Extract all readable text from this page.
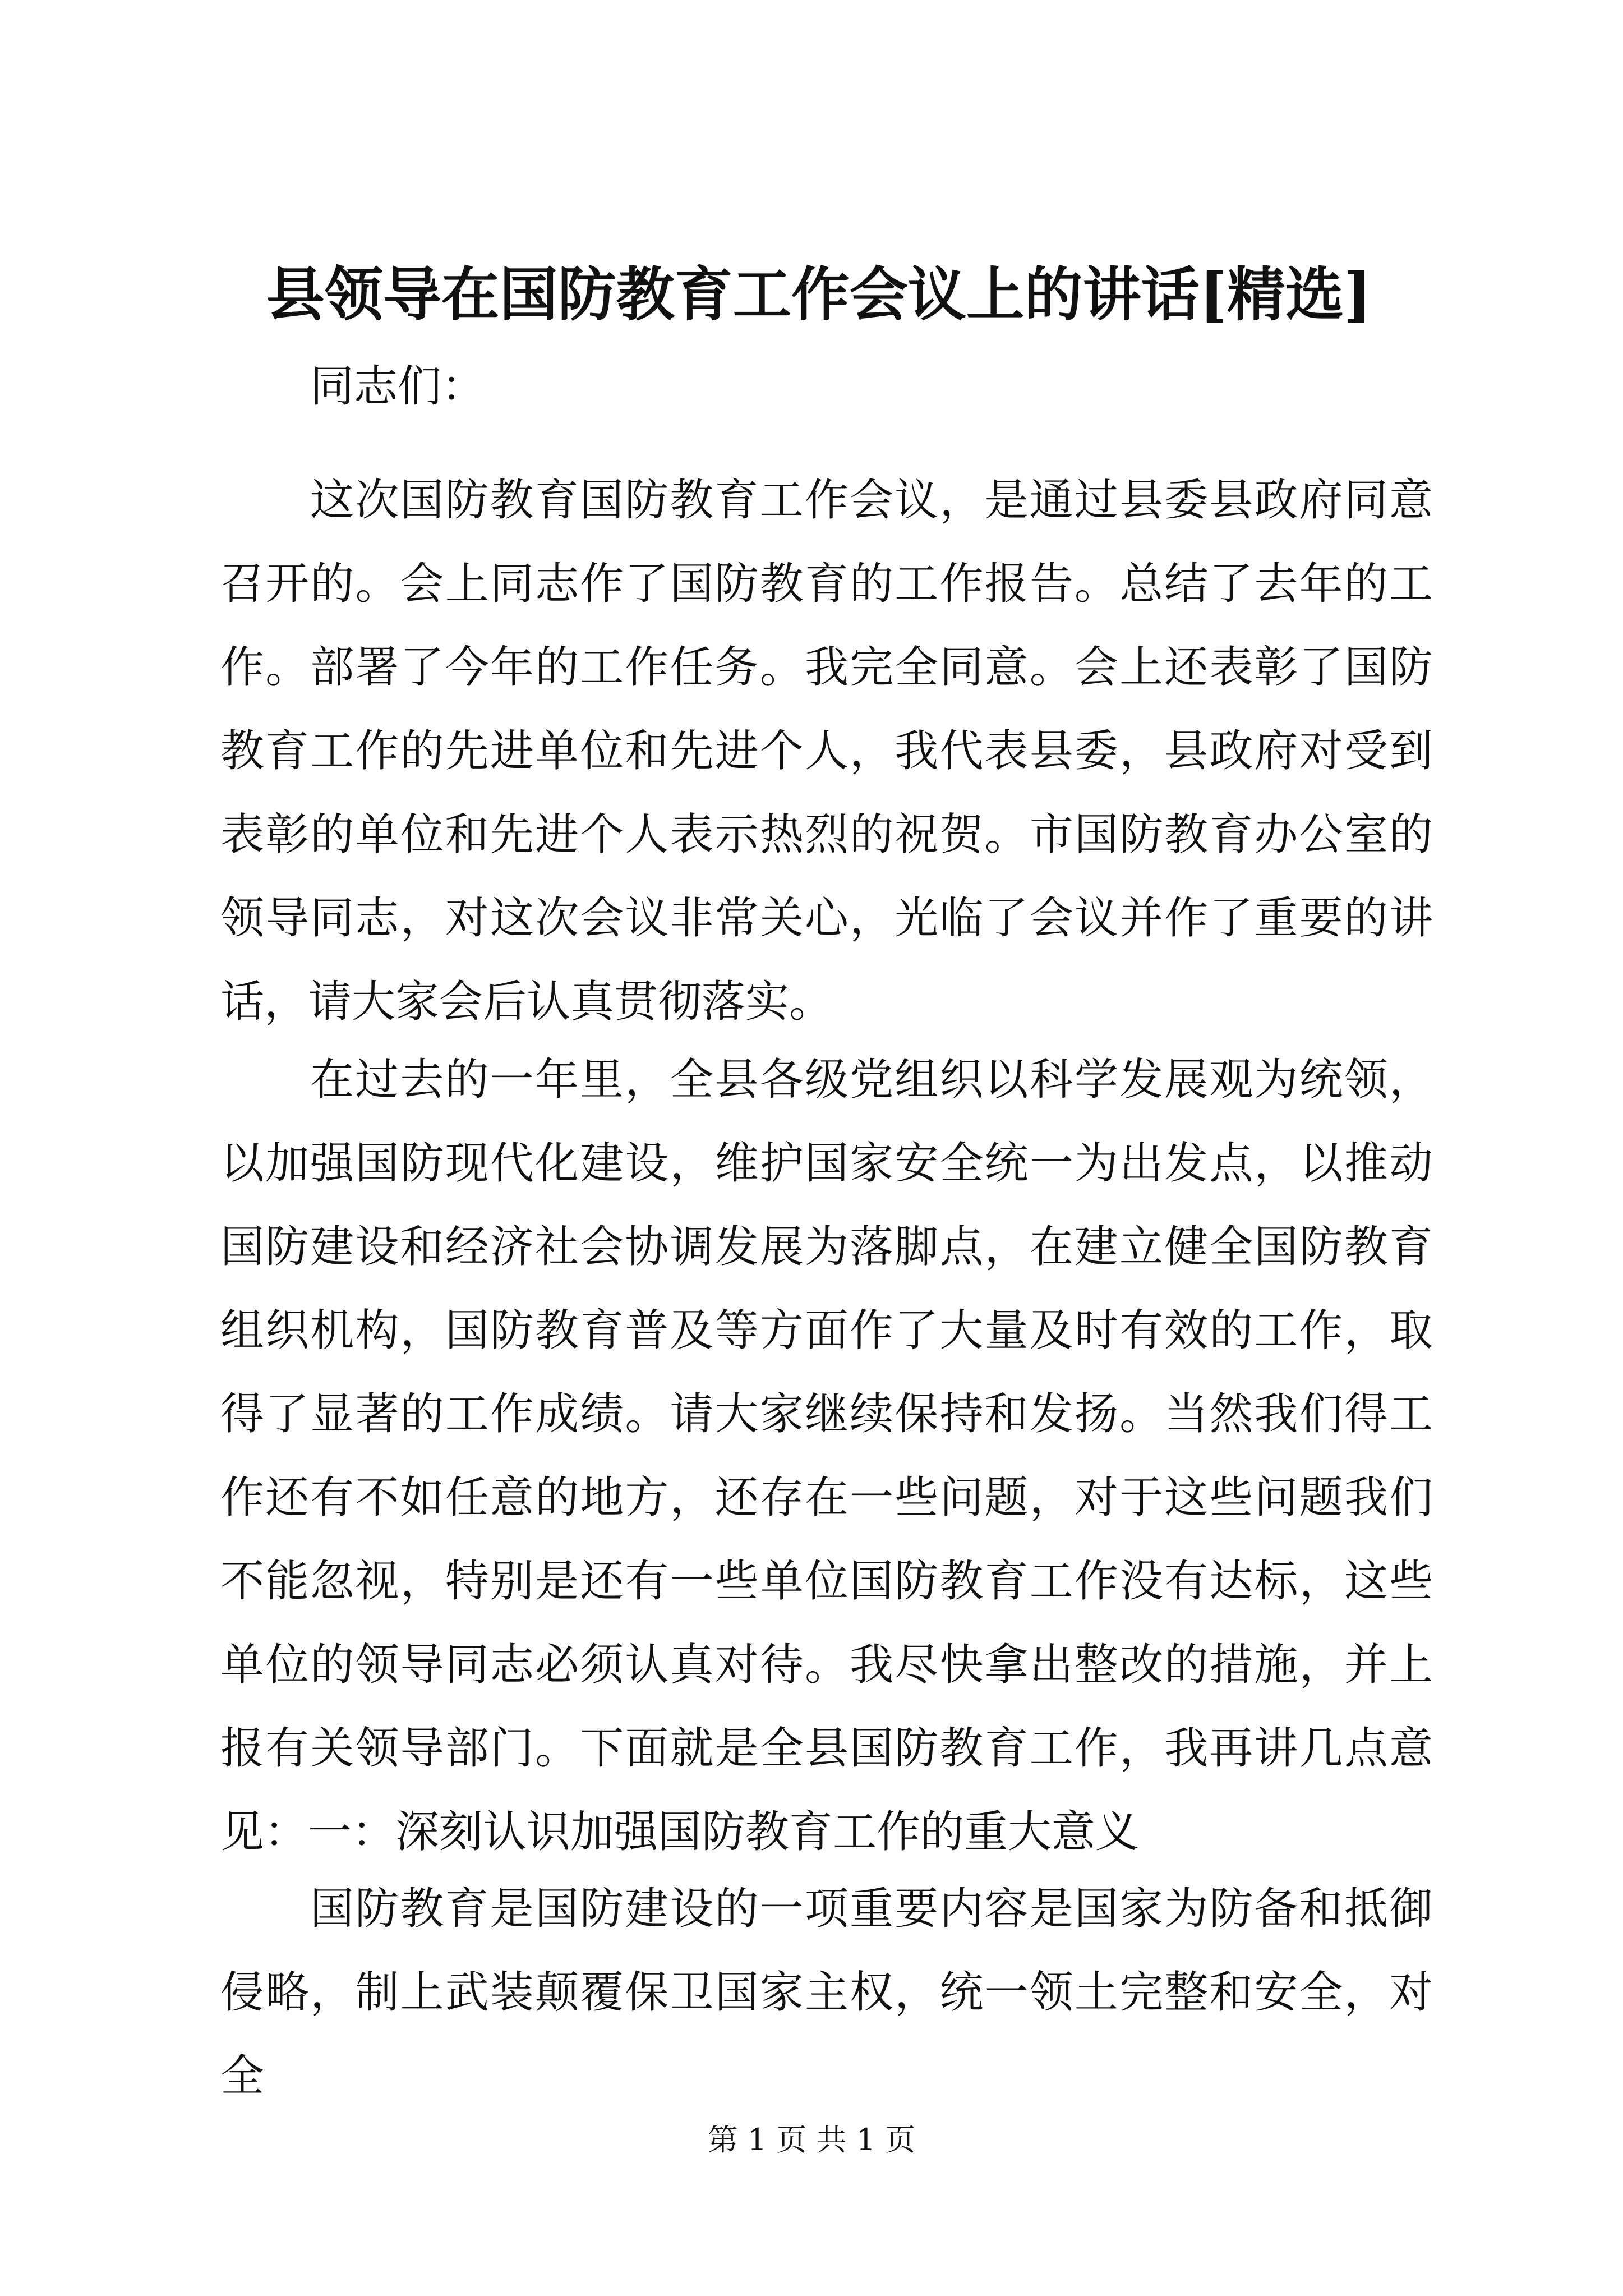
县领导在国防教育工作会议上的讲话[精选]

同志们：

这次国防教育国防教育工作会议，是通过县委县政府同意召开的。会上同志作了国防教育的工作报告。总结了去年的工作。部署了今年的工作任务。我完全同意。会上还表彰了国防教育工作的先进单位和先进个人，我代表县委，县政府对受到表彰的单位和先进个人表示热烈的祝贺。市国防教育办公室的领导同志，对这次会议非常关心，光临了会议并作了重要的讲话，请大家会后认真贯彻落实。

在过去的一年里，全县各级党组织以科学发展观为统领，以加强国防现代化建设，维护国家安全统一为出发点，以推动国防建设和经济社会协调发展为落脚点，在建立健全国防教育组织机构，国防教育普及等方面作了大量及时有效的工作，取得了显著的工作成绩。请大家继续保持和发扬。当然我们得工作还有不如任意的地方，还存在一些问题，对于这些问题我们不能忽视，特别是还有一些单位国防教育工作没有达标，这些单位的领导同志必须认真对待。我尽快拿出整改的措施，并上报有关领导部门。下面就是全县国防教育工作，我再讲几点意见：一：深刻认识加强国防教育工作的重大意义

国防教育是国防建设的一项重要内容是国家为防备和抵御侵略，制上武装颠覆保卫国家主权，统一领土完整和安全，对全

第 1 页 共 1 页
